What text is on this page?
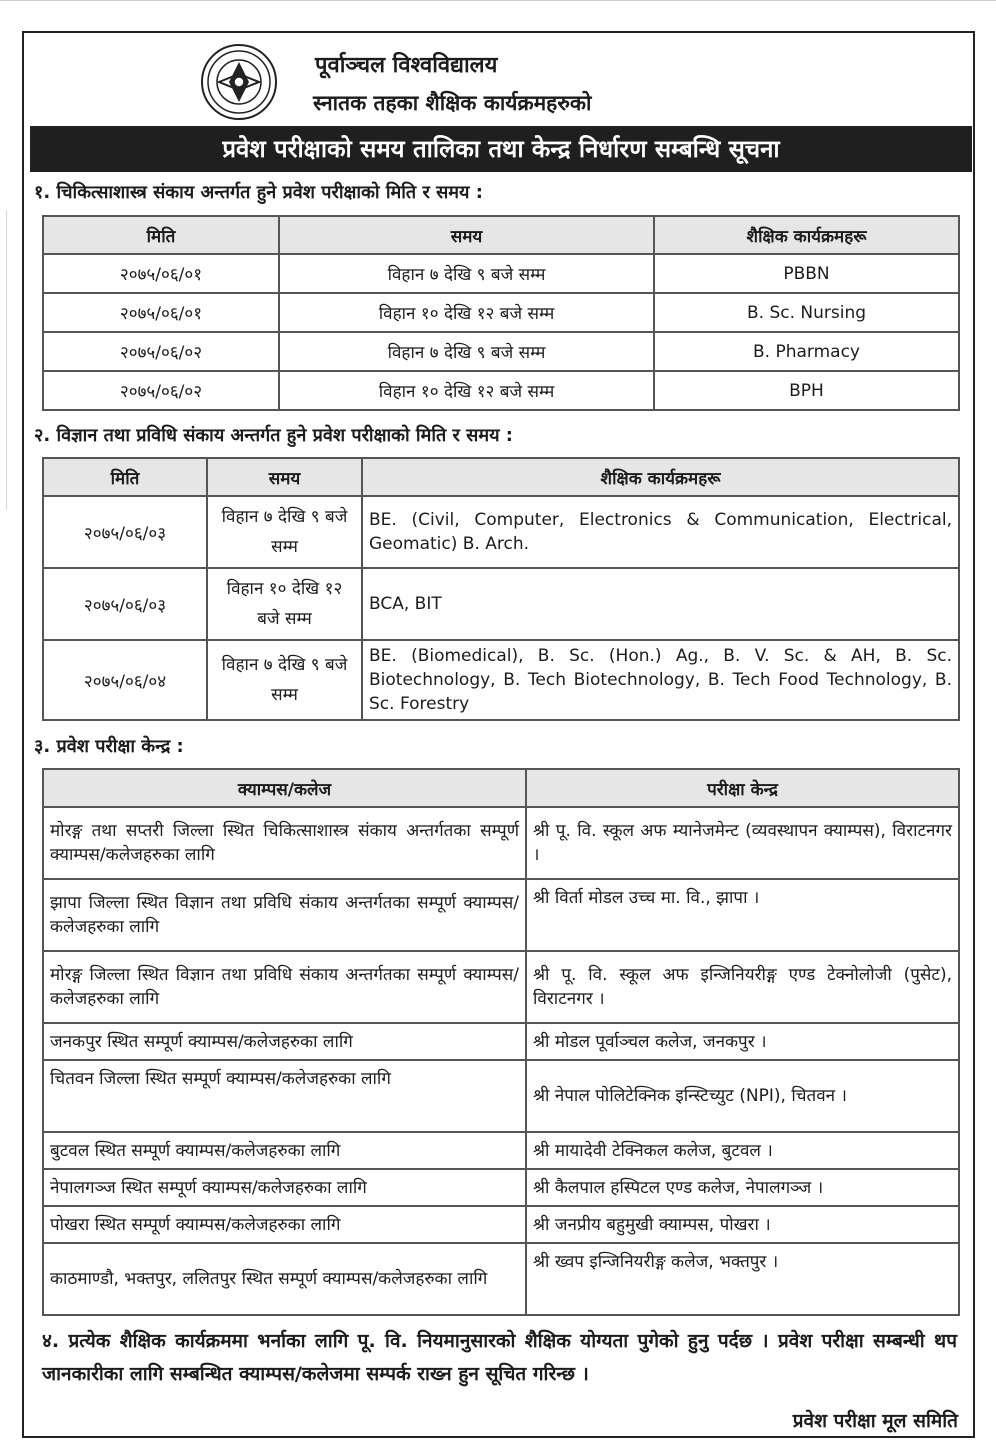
पूर्वाञ्चल विश्वविद्यालय
स्नातक तहका शैक्षिक कार्यक्रमहरुको
प्रवेश परीक्षाको समय तालिका तथा केन्द्र निर्धारण सम्बन्धि सूचना
१. चिकित्साशास्त्र संकाय अन्तर्गत हुने प्रवेश परीक्षाको मिति र समय :
मिति	समय	शैक्षिक कार्यक्रमहरू
२०७५/०६/०१	विहान ७ देखि ९ बजे सम्म	PBBN
२०७५/०६/०१	विहान १० देखि १२ बजे सम्म	B. Sc. Nursing
२०७५/०६/०२	विहान ७ देखि ९ बजे सम्म	B. Pharmacy
२०७५/०६/०२	विहान १० देखि १२ बजे सम्म	BPH
२. विज्ञान तथा प्रविधि संकाय अन्तर्गत हुने प्रवेश परीक्षाको मिति र समय :
मिति	समय	शैक्षिक कार्यक्रमहरू
२०७५/०६/०३	विहान ७ देखि ९ बजे सम्म	BE. (Civil, Computer, Electronics & Communication, Electrical, Geomatic) B. Arch.
२०७५/०६/०३	विहान १० देखि १२ बजे सम्म	BCA, BIT
२०७५/०६/०४	विहान ७ देखि ९ बजे सम्म	BE. (Biomedical), B. Sc. (Hon.) Ag., B. V. Sc. & AH, B. Sc. Biotechnology, B. Tech Biotechnology, B. Tech Food Technology, B. Sc. Forestry
३. प्रवेश परीक्षा केन्द्र :
क्याम्पस/कलेज	परीक्षा केन्द्र
मोरङ्ग तथा सप्तरी जिल्ला स्थित चिकित्साशास्त्र संकाय अन्तर्गतका सम्पूर्ण क्याम्पस/कलेजहरुका लागि	श्री पू. वि. स्कूल अफ म्यानेजमेन्ट (व्यवस्थापन क्याम्पस), विराटनगर ।
झापा जिल्ला स्थित विज्ञान तथा प्रविधि संकाय अन्तर्गतका सम्पूर्ण क्याम्पस/कलेजहरुका लागि	श्री विर्ता मोडल उच्च मा. वि., झापा ।
मोरङ्ग जिल्ला स्थित विज्ञान तथा प्रविधि संकाय अन्तर्गतका सम्पूर्ण क्याम्पस/कलेजहरुका लागि	श्री पू. वि. स्कूल अफ इन्जिनियरीङ्ग एण्ड टेक्नोलोजी (पुसेट), विराटनगर ।
जनकपुर स्थित सम्पूर्ण क्याम्पस/कलेजहरुका लागि	श्री मोडल पूर्वाञ्चल कलेज, जनकपुर ।
चितवन जिल्ला स्थित सम्पूर्ण क्याम्पस/कलेजहरुका लागि	श्री नेपाल पोलिटेक्निक इन्स्टिच्युट (NPI), चितवन ।
बुटवल स्थित सम्पूर्ण क्याम्पस/कलेजहरुका लागि	श्री मायादेवी टेक्निकल कलेज, बुटवल ।
नेपालगञ्ज स्थित सम्पूर्ण क्याम्पस/कलेजहरुका लागि	श्री कैलपाल हस्पिटल एण्ड कलेज, नेपालगञ्ज ।
पोखरा स्थित सम्पूर्ण क्याम्पस/कलेजहरुका लागि	श्री जनप्रीय बहुमुखी क्याम्पस, पोखरा ।
काठमाण्डौ, भक्तपुर, ललितपुर स्थित सम्पूर्ण क्याम्पस/कलेजहरुका लागि	श्री ख्वप इन्जिनियरीङ्ग कलेज, भक्तपुर ।
४. प्रत्येक शैक्षिक कार्यक्रममा भर्नाका लागि पू. वि. नियमानुसारको शैक्षिक योग्यता पुगेको हुनु पर्दछ । प्रवेश परीक्षा सम्बन्धी थप जानकारीका लागि सम्बन्धित क्याम्पस/कलेजमा सम्पर्क राख्न हुन सूचित गरिन्छ ।
प्रवेश परीक्षा मूल समिति
